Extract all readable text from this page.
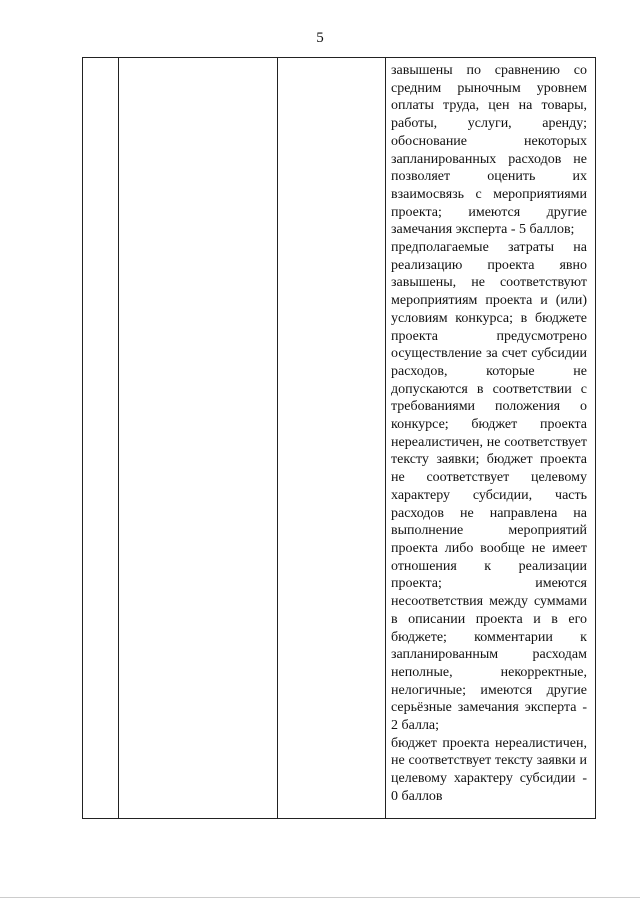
5

завышены по сравнению со средним рыночным уровнем оплаты труда, цен на товары, работы, услуги, аренду; обоснование некоторых запланированных расходов не позволяет оценить их взаимосвязь с мероприятиями проекта; имеются другие замечания эксперта - 5 баллов;
предполагаемые затраты на реализацию проекта явно завышены, не соответствуют мероприятиям проекта и (или) условиям конкурса; в бюджете проекта предусмотрено осуществление за счет субсидии расходов, которые не допускаются в соответствии с требованиями положения о конкурсе; бюджет проекта нереалистичен, не соответствует тексту заявки; бюджет проекта не соответствует целевому характеру субсидии, часть расходов не направлена на выполнение мероприятий проекта либо вообще не имеет отношения к реализации проекта; имеются несоответствия между суммами в описании проекта и в его бюджете; комментарии к запланированным расходам неполные, некорректные, нелогичные; имеются другие серьёзные замечания эксперта - 2 балла;
бюджет проекта нереалистичен, не соответствует тексту заявки и целевому характеру субсидии - 0 баллов
